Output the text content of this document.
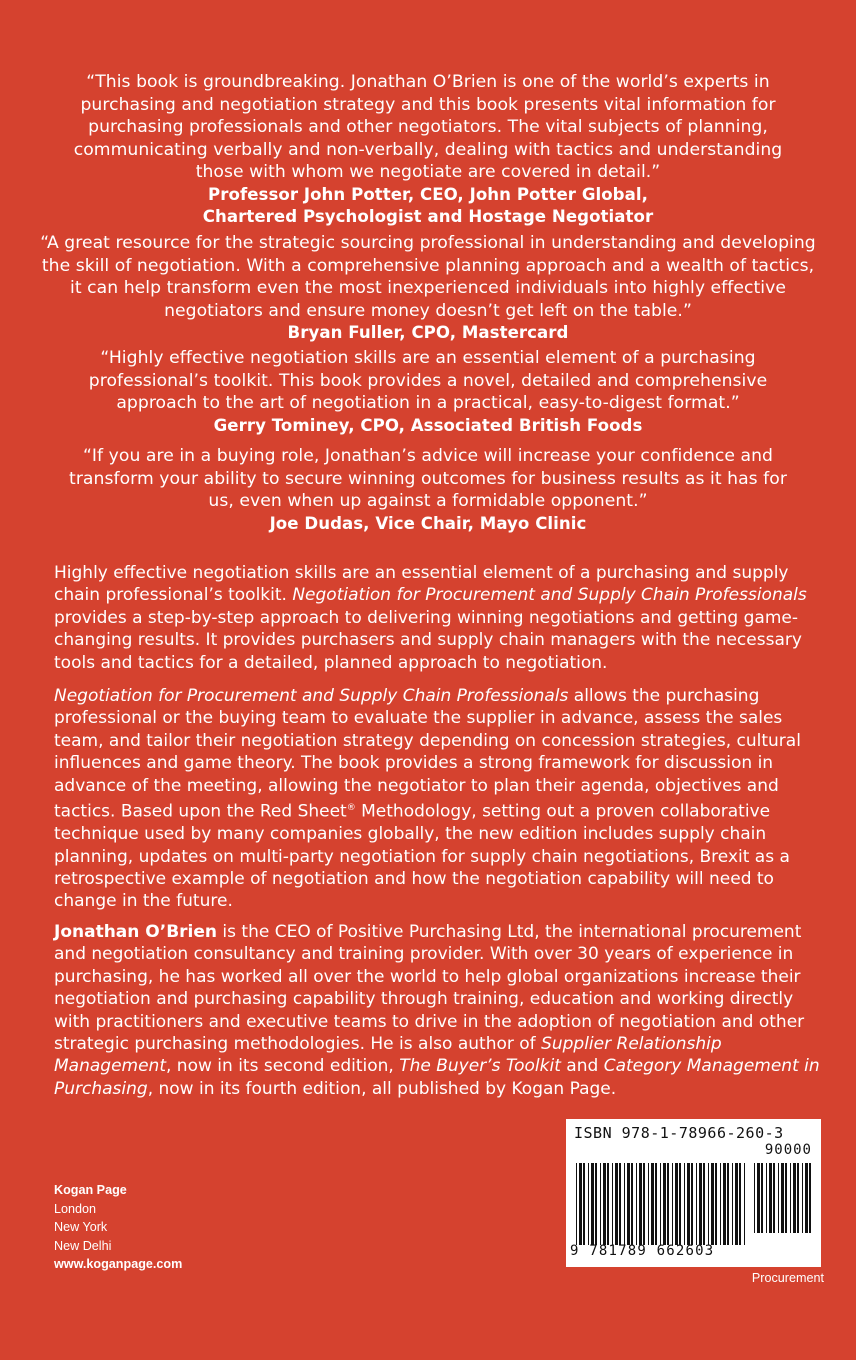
“This book is groundbreaking. Jonathan O’Brien is one of the world’s experts in purchasing and negotiation strategy and this book presents vital information for purchasing professionals and other negotiators. The vital subjects of planning, communicating verbally and non-verbally, dealing with tactics and understanding those with whom we negotiate are covered in detail.”

Professor John Potter, CEO, John Potter Global,

Chartered Psychologist and Hostage Negotiator

“A great resource for the strategic sourcing professional in understanding and developing the skill of negotiation. With a comprehensive planning approach and a wealth of tactics, it can help transform even the most inexperienced individuals into highly effective negotiators and ensure money doesn’t get left on the table.”

Bryan Fuller, CPO, Mastercard

“Highly effective negotiation skills are an essential element of a purchasing professional’s toolkit. This book provides a novel, detailed and comprehensive approach to the art of negotiation in a practical, easy-to-digest format.”

Gerry Tominey, CPO, Associated British Foods

“If you are in a buying role, Jonathan’s advice will increase your confidence and transform your ability to secure winning outcomes for business results as it has for us, even when up against a formidable opponent.”

Joe Dudas, Vice Chair, Mayo Clinic

Highly effective negotiation skills are an essential element of a purchasing and supply chain professional’s toolkit. Negotiation for Procurement and Supply Chain Professionals provides a step-by-step approach to delivering winning negotiations and getting game-changing results. It provides purchasers and supply chain managers with the necessary tools and tactics for a detailed, planned approach to negotiation.

Negotiation for Procurement and Supply Chain Professionals allows the purchasing professional or the buying team to evaluate the supplier in advance, assess the sales team, and tailor their negotiation strategy depending on concession strategies, cultural influences and game theory. The book provides a strong framework for discussion in advance of the meeting, allowing the negotiator to plan their agenda, objectives and tactics. Based upon the Red Sheet® Methodology, setting out a proven collaborative technique used by many companies globally, the new edition includes supply chain planning, updates on multi-party negotiation for supply chain negotiations, Brexit as a retrospective example of negotiation and how the negotiation capability will need to change in the future.

Jonathan O’Brien is the CEO of Positive Purchasing Ltd, the international procurement and negotiation consultancy and training provider. With over 30 years of experience in purchasing, he has worked all over the world to help global organizations increase their negotiation and purchasing capability through training, education and working directly with practitioners and executive teams to drive in the adoption of negotiation and other strategic purchasing methodologies. He is also author of Supplier Relationship Management, now in its second edition, The Buyer’s Toolkit and Category Management in Purchasing, now in its fourth edition, all published by Kogan Page.

Kogan Page
London
New York
New Delhi
www.koganpage.com
ISBN 978-1-78966-260-3
90000
9 781789 662603
Procurement
